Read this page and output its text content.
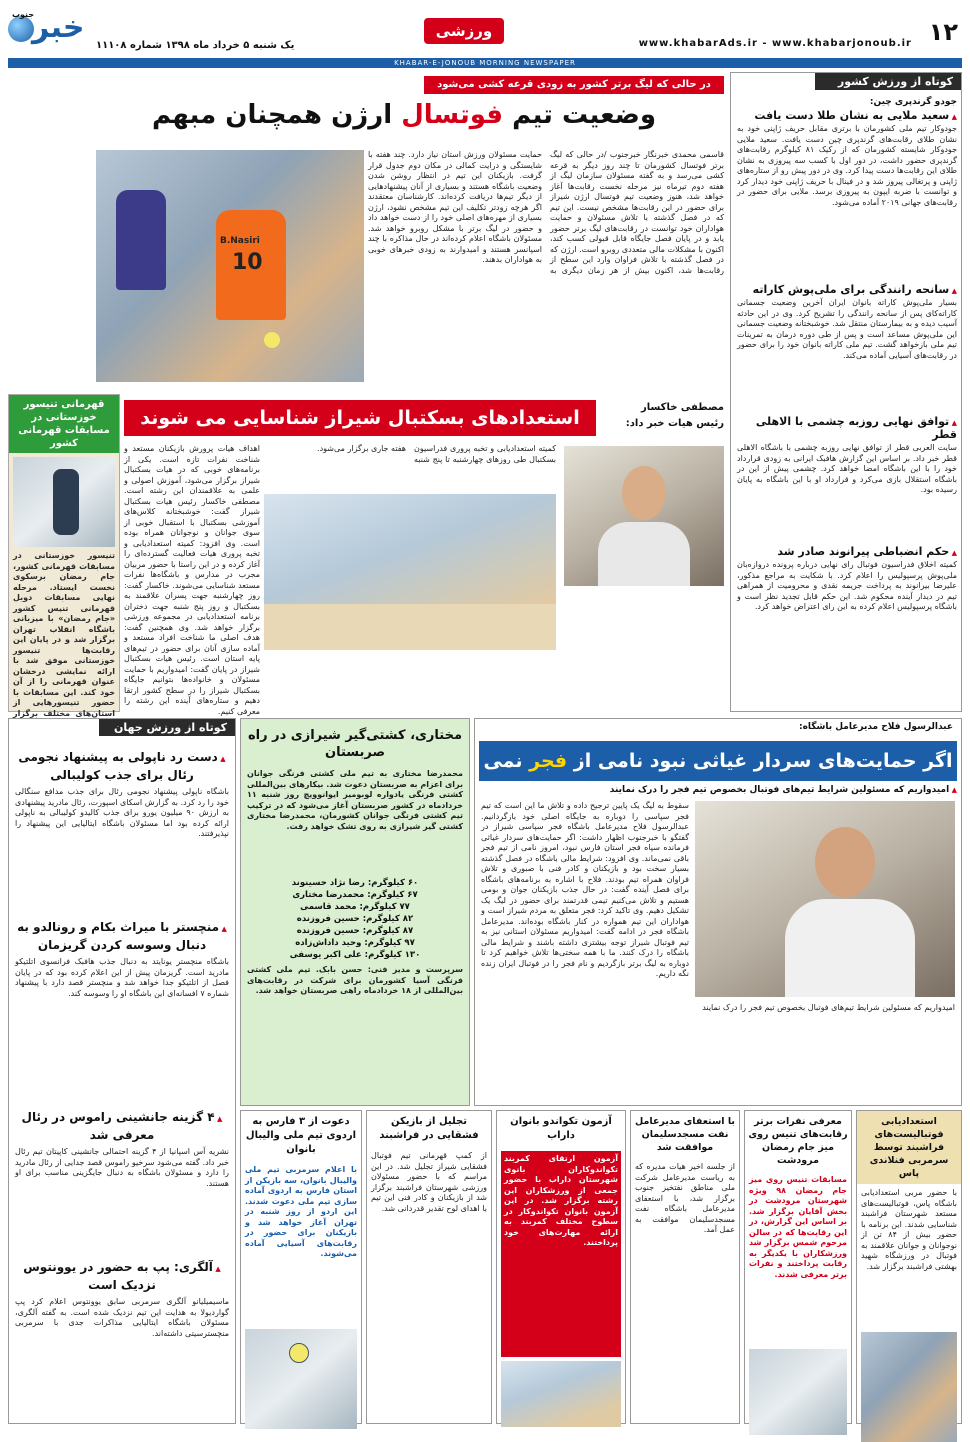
۱۲
www.khabarAds.ir - www.khabarjonoub.ir
ورزشی
یک شنبه ۵ خرداد ماه ۱۳۹۸ شماره ۱۱۱۰۸
خبر
جنوب
KHABAR-E-JONOUB MORNING NEWSPAPER
کوتاه از ورزش کشور
جودو گرندپری چین:
▲ سعید ملایی به نشان طلا دست یافت
جودوکار تیم ملی کشورمان با برتری مقابل حریف ژاپنی خود به نشان طلای رقابت‌های گرندپری چین دست یافت. سعید ملایی جودوکار شایسته کشورمان که از رکیک ۸۱ کیلوگرم رقابت‌های گرندپری حضور داشت، در دور اول با کسب سه پیروزی به نشان طلای این رقابت‌ها دست پیدا کرد. وی در دور پیش رو از ستاره‌های ژاپنی و پرتغالی پیروز شد و در فینال با حریف ژاپنی خود دیدار کرد و توانست با ضربه ایپون به پیروزی برسد. ملایی برای حضور در رقابت‌های جهانی ۲۰۱۹ آماده می‌شود.
▲ سانحه رانندگی برای ملی‌پوش کاراته
بسیار ملی‌پوش کاراته بانوان ایران آخرین وضعیت جسمانی کاراته‌کای پس از سانحه رانندگی را تشریح کرد. وی در این حادثه آسیب دیده و به بیمارستان منتقل شد. خوشبختانه وضعیت جسمانی این ملی‌پوش مساعد است و پس از طی دوره درمان به تمرینات تیم ملی بازخواهد گشت. تیم ملی کاراته بانوان خود را برای حضور در رقابت‌های آسیایی آماده می‌کند.
▲ توافق نهایی روزبه چشمی با الاهلی قطر
سایت العربی قطر از توافق نهایی روزبه چشمی با باشگاه الاهلی قطر خبر داد. بر اساس این گزارش هافبک ایرانی به زودی قرارداد خود را با این باشگاه امضا خواهد کرد. چشمی پیش از این در باشگاه استقلال بازی می‌کرد و قرارداد او با این باشگاه به پایان رسیده بود.
▲ حکم انضباطی پیرانوند صادر شد
کمیته اخلاق فدراسیون فوتبال رای نهایی درباره پرونده دروازه‌بان ملی‌پوش پرسپولیس را اعلام کرد. با شکایت به مراجع مذکور، علیرضا بیرانوند به پرداخت جریمه نقدی و محرومیت از همراهی تیم در دیدار آینده محکوم شد. این حکم قابل تجدید نظر است و باشگاه پرسپولیس اعلام کرده به این رای اعتراض خواهد کرد.
در حالی که لیگ برتر کشور به زودی قرعه کشی می‌شود
وضعیت تیم فوتسال ارژن همچنان مبهم
قاسمی محمدی خبرنگار خبرجنوب /در حالی که لیگ برتر فوتسال کشورمان تا چند روز دیگر به قرعه کشی می‌رسد و به گفته مسئولان سازمان لیگ از هفته دوم تیرماه نیز مرحله نخست رقابت‌ها آغاز خواهد شد، هنوز وضعیت تیم فوتسال ارژن شیراز برای حضور در این رقابت‌ها مشخص نیست. این تیم که در فصل گذشته با تلاش مسئولان و حمایت هواداران خود توانست در رقابت‌های لیگ برتر حضور یابد و در پایان فصل جایگاه قابل قبولی کسب کند، اکنون با مشکلات مالی متعددی روبرو است. ارژن که در فصل گذشته با تلاش فراوان وارد این سطح از رقابت‌ها شد، اکنون بیش از هر زمان دیگری به حمایت مسئولان ورزش استان نیاز دارد. چند هفته با شایستگی و درایت کمالی در مکان دوم جدول قرار گرفت. بازیکنان این تیم در انتظار روشن شدن وضعیت باشگاه هستند و بسیاری از آنان پیشنهادهایی از دیگر تیم‌ها دریافت کرده‌اند. کارشناسان معتقدند اگر هرچه زودتر تکلیف این تیم مشخص نشود، ارژن بسیاری از مهره‌های اصلی خود را از دست خواهد داد و حضور در لیگ برتر با مشکل روبرو خواهد شد. مسئولان باشگاه اعلام کرده‌اند در حال مذاکره با چند اسپانسر هستند و امیدوارند به زودی خبرهای خوبی به هواداران بدهند.
B.Nasiri
10
قهرمانی تنیسور خوزستانی در مسابقات قهرمانی کشور
تنیسور خوزستانی در مسابقات قهرمانی کشور، جام رمضان برسکوی نخست ایستاد. مرحله نهایی مسابقات دوبل قهرمانی تنیس کشور «جام رمضان» با میزبانی باشگاه انقلاب تهران برگزار شد و در پایان این رقابت‌ها تنیسور خوزستانی موفق شد با ارائه نمایشی درخشان عنوان قهرمانی را از آن خود کند. این مسابقات با حضور تنیسورهایی از استان‌های مختلف برگزار
استعدادهای بسکتبال شیراز شناسایی می شوند	مصطفی خاکسار
رئیس هیات خبر داد:
کمیته استعدادیابی و تخبه پروری فدراسیون بسکتبال طی روزهای چهارشنبه تا پنج شنبه هفته جاری برگزار می‌شود.
اهداف هیات پرورش بازیکنان مستعد و شناخت نفرات تازه است. یکی از برنامه‌های خوبی که در هیات بسکتبال شیراز برگزار می‌شود، آموزش اصولی و علمی به علاقمندان این رشته است. مصطفی خاکسار رئیس هیات بسکتبال شیراز گفت: خوشبختانه کلاس‌های آموزشی بسکتبال با استقبال خوبی از سوی جوانان و نوجوانان همراه بوده است. وی افزود: کمیته استعدادیابی و تخبه پروری هیات فعالیت گسترده‌ای را آغاز کرده و در این راستا با حضور مربیان مجرب در مدارس و باشگاه‌ها نفرات مستعد شناسایی می‌شوند. خاکسار گفت: روز چهارشنبه جهت پسران علاقمند به بسکتبال و روز پنج شنبه جهت دختران برنامه استعدادیابی در مجموعه ورزشی برگزار خواهد شد. وی همچنین گفت: هدف اصلی ما شناخت افراد مستعد و آماده سازی آنان برای حضور در تیم‌های پایه استان است. رئیس هیات بسکتبال شیراز در پایان گفت: امیدواریم با حمایت مسئولان و خانواده‌ها بتوانیم جایگاه بسکتبال شیراز را در سطح کشور ارتقا دهیم و ستاره‌های آینده این رشته را معرفی کنیم.
عبدالرسول فلاح مدیرعامل باشگاه:
اگر حمایت‌های سردار غیاثی نبود نامی از فجر نمی
▲ امیدواریم که مسئولین شرایط تیم‌های فوتبال بخصوص تیم فجر را درک نمایند
سقوط به لیگ یک پایین ترجیح داده و تلاش ما این است که تیم فجر سپاسی را دوباره به جایگاه اصلی خود بازگردانیم. عبدالرسول فلاح مدیرعامل باشگاه فجر سپاسی شیراز در گفتگو با خبرجنوب اظهار داشت: اگر حمایت‌های سردار غیاثی فرمانده سپاه فجر استان فارس نبود، امروز نامی از تیم فجر باقی نمی‌ماند. وی افزود: شرایط مالی باشگاه در فصل گذشته بسیار سخت بود و بازیکنان و کادر فنی با صبوری و تلاش فراوان همراه تیم بودند. فلاح با اشاره به برنامه‌های باشگاه برای فصل آینده گفت: در حال جذب بازیکنان جوان و بومی هستیم و تلاش می‌کنیم تیمی قدرتمند برای حضور در لیگ یک تشکیل دهیم. وی تاکید کرد: فجر متعلق به مردم شیراز است و هواداران این تیم همواره در کنار باشگاه بوده‌اند. مدیرعامل باشگاه فجر در ادامه گفت: امیدواریم مسئولان استانی نیز به تیم فوتبال شیراز توجه بیشتری داشته باشند و شرایط مالی باشگاه را درک کنند. ما با همه سختی‌ها تلاش خواهیم کرد تا دوباره به لیگ برتر بازگردیم و نام فجر را در فوتبال ایران زنده نگه داریم.
امیدواریم که مسئولین شرایط تیم‌های فوتبال بخصوص تیم فجر را درک نمایند
مختاری، کشتی‌گیر شیرازی در راه صربستان
محمدرضا مختاری به تیم ملی کشتی فرنگی جوانان برای اعزام به صربستان دعوت شد. بیکارهای بین‌المللی کشتی فرنگی یادواره لوبومیر ایوانوویچ روز شنبه ۱۱ خردادماه در کشور صربستان آغاز می‌شود که در ترکیب تیم کشتی فرنگی جوانان کشورمان، محمدرضا مختاری کشتی گیر شیرازی به روی تشک خواهد رفت.
۶۰ کیلوگرم: رضا نژاد حسینوند
۶۷ کیلوگرم: محمدرضا مختاری
۷۷ کیلوگرم: محمد قاسمی
۸۲ کیلوگرم: حسین فروزنده
۸۷ کیلوگرم: حسین فروزنده
۹۷ کیلوگرم: وحید داداش‌زاده
۱۳۰ کیلوگرم: علی اکبر یوسفی
سرپرست و مدیر فنی: حسن بابک. تیم ملی کشتی فرنگی آسیا کشورمان برای شرکت در رقابت‌های بین‌المللی از ۱۸ خردادماه راهی صربستان خواهد شد.
کوتاه از ورزش جهان
▲ دست رد ناپولی به پیشنهاد نجومی رئال برای جذب کولیبالی
باشگاه ناپولی پیشنهاد نجومی رئال برای جذب مدافع سنگالی خود را رد کرد. به گزارش اسکای اسپورت، رئال مادرید پیشنهادی به ارزش ۹۰ میلیون یورو برای جذب کالیدو کولیبالی به ناپولی ارائه کرده بود اما مسئولان باشگاه ایتالیایی این پیشنهاد را نپذیرفتند.
▲ منچستر با میراث بکام و رونالدو به دنبال وسوسه کردن گریزمان
باشگاه منچستر یونایتد به دنبال جذب هافبک فرانسوی اتلتیکو مادرید است. گریزمان پیش از این اعلام کرده بود که در پایان فصل از اتلتیکو جدا خواهد شد و منچستر قصد دارد با پیشنهاد شماره ۷ افسانه‌ای این باشگاه او را وسوسه کند.
▲ ۴ گزینه جانشینی راموس در رئال معرفی شد
نشریه آس اسپانیا از ۴ گزینه احتمالی جانشینی کاپیتان تیم رئال خبر داد. گفته می‌شود سرخیو راموس قصد جدایی از رئال مادرید را دارد و مسئولان باشگاه به دنبال جایگزینی مناسب برای او هستند.
▲ آلگری: پپ به حضور در یوونتوس نزدیک است
ماسیمیلیانو آلگری سرمربی سابق یوونتوس اعلام کرد پپ گواردیولا به هدایت این تیم نزدیک شده است. به گفته آلگری، مسئولان باشگاه ایتالیایی مذاکرات جدی با سرمربی منچسترسیتی داشته‌اند.
استعدادیابی فوتبالیست‌های فراشبند توسط سرمربی فنلاندی پاس
با حضور مربی استعدادیابی باشگاه پاس، فوتبالیست‌های مستعد شهرستان فراشبند شناسایی شدند. این برنامه با حضور بیش از ۸۴ تن از نوجوانان و جوانان علاقمند به فوتبال در ورزشگاه شهید بهشتی فراشبند برگزار شد.
معرفی نفرات برتر رقابت‌های تنیس روی میز جام رمضان مرودشت
مسابقات تنیس روی میز جام رمضان ۹۸ ویژه شهرستان مرودشت در بخش آقایان برگزار شد. بر اساس این گزارش، در این رقابت‌ها که در سالن مرحوم شمس برگزار شد ورزشکاران با یکدیگر به رقابت پرداختند و نفرات برتر معرفی شدند.
با استعفای مدیرعامل نفت مسجدسلیمان موافقت شد
از جلسه اخیر هیات مدیره که به ریاست مدیرعامل شرکت ملی مناطق نفتخیز جنوب برگزار شد، با استعفای مدیرعامل باشگاه نفت مسجدسلیمان موافقت به عمل آمد.
آزمون تکواندو بانوان داراب
آزمون ارتقای کمربند تکواندوکاران بانوی شهرستان داراب با حضور جمعی از ورزشکاران این رشته برگزار شد. در این آزمون بانوان تکواندوکار در سطوح مختلف کمربند به ارائه مهارت‌های خود پرداختند.
تجلیل از بازیکن فشقایی در فراشبند
از کمپ قهرمانی تیم فوتبال فشقایی شیراز تجلیل شد. در این مراسم که با حضور مسئولان ورزشی شهرستان فراشبند برگزار شد از بازیکنان و کادر فنی این تیم با اهدای لوح تقدیر قدردانی شد.
دعوت از ۳ فارس به اردوی تیم ملی والیبال بانوان
با اعلام سرمربی تیم ملی والیبال بانوان، سه بازیکن از استان فارس به اردوی آماده سازی تیم ملی دعوت شدند. این اردو از روز شنبه در تهران آغاز خواهد شد و بازیکنان برای حضور در رقابت‌های آسیایی آماده می‌شوند.
